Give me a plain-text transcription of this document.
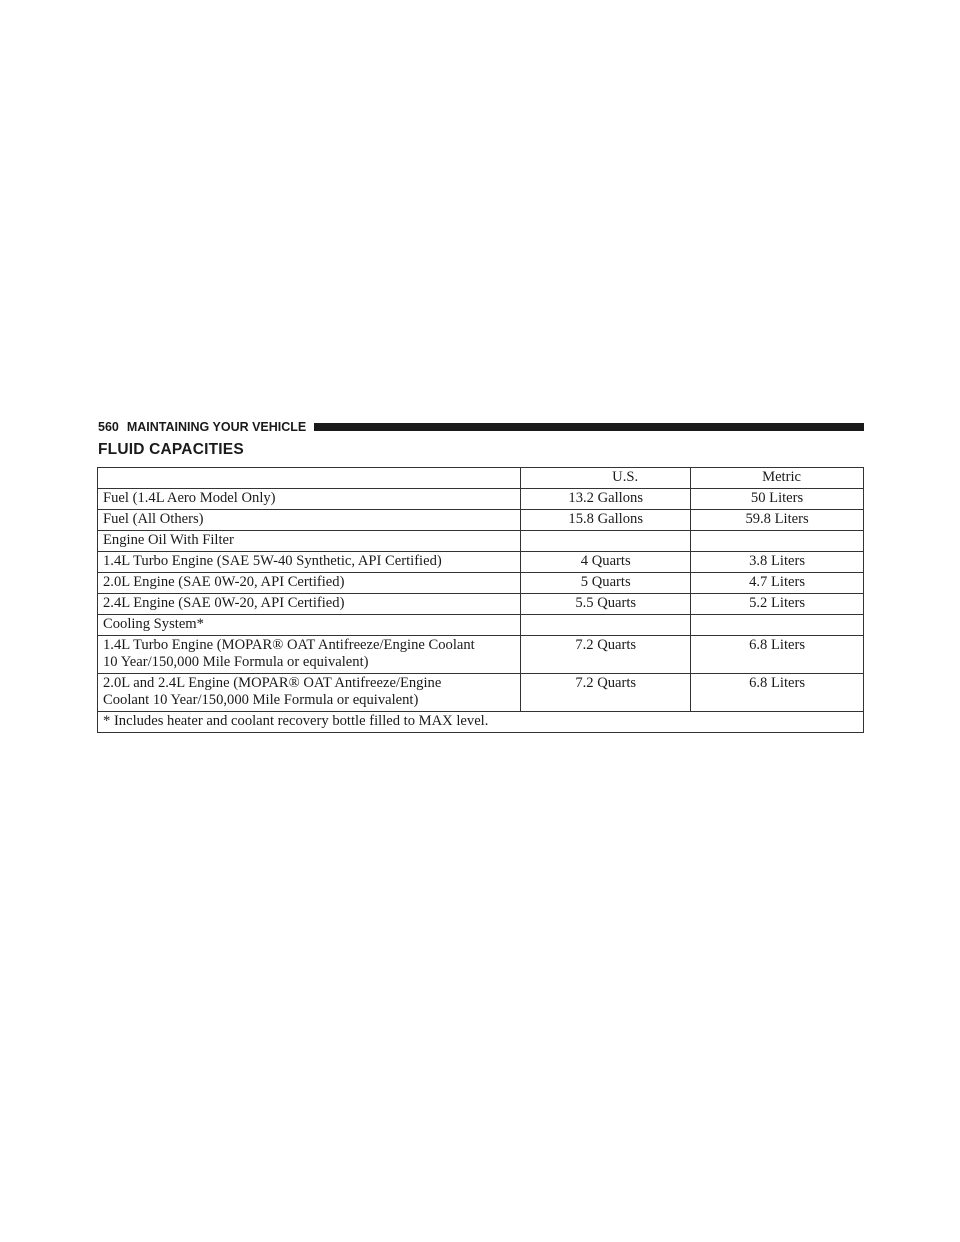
560 MAINTAINING YOUR VEHICLE
FLUID CAPACITIES
	U.S.	Metric
Fuel (1.4L Aero Model Only)	13.2 Gallons	50 Liters
Fuel (All Others)	15.8 Gallons	59.8 Liters
Engine Oil With Filter		
1.4L Turbo Engine (SAE 5W-40 Synthetic, API Certified)	4 Quarts	3.8 Liters
2.0L Engine (SAE 0W-20, API Certified)	5 Quarts	4.7 Liters
2.4L Engine (SAE 0W-20, API Certified)	5.5 Quarts	5.2 Liters
Cooling System*		
1.4L Turbo Engine (MOPAR® OAT Antifreeze/Engine Coolant
10 Year/150,000 Mile Formula or equivalent)	7.2 Quarts	6.8 Liters
2.0L and 2.4L Engine (MOPAR® OAT Antifreeze/Engine
Coolant 10 Year/150,000 Mile Formula or equivalent)	7.2 Quarts	6.8 Liters
* Includes heater and coolant recovery bottle filled to MAX level.		
